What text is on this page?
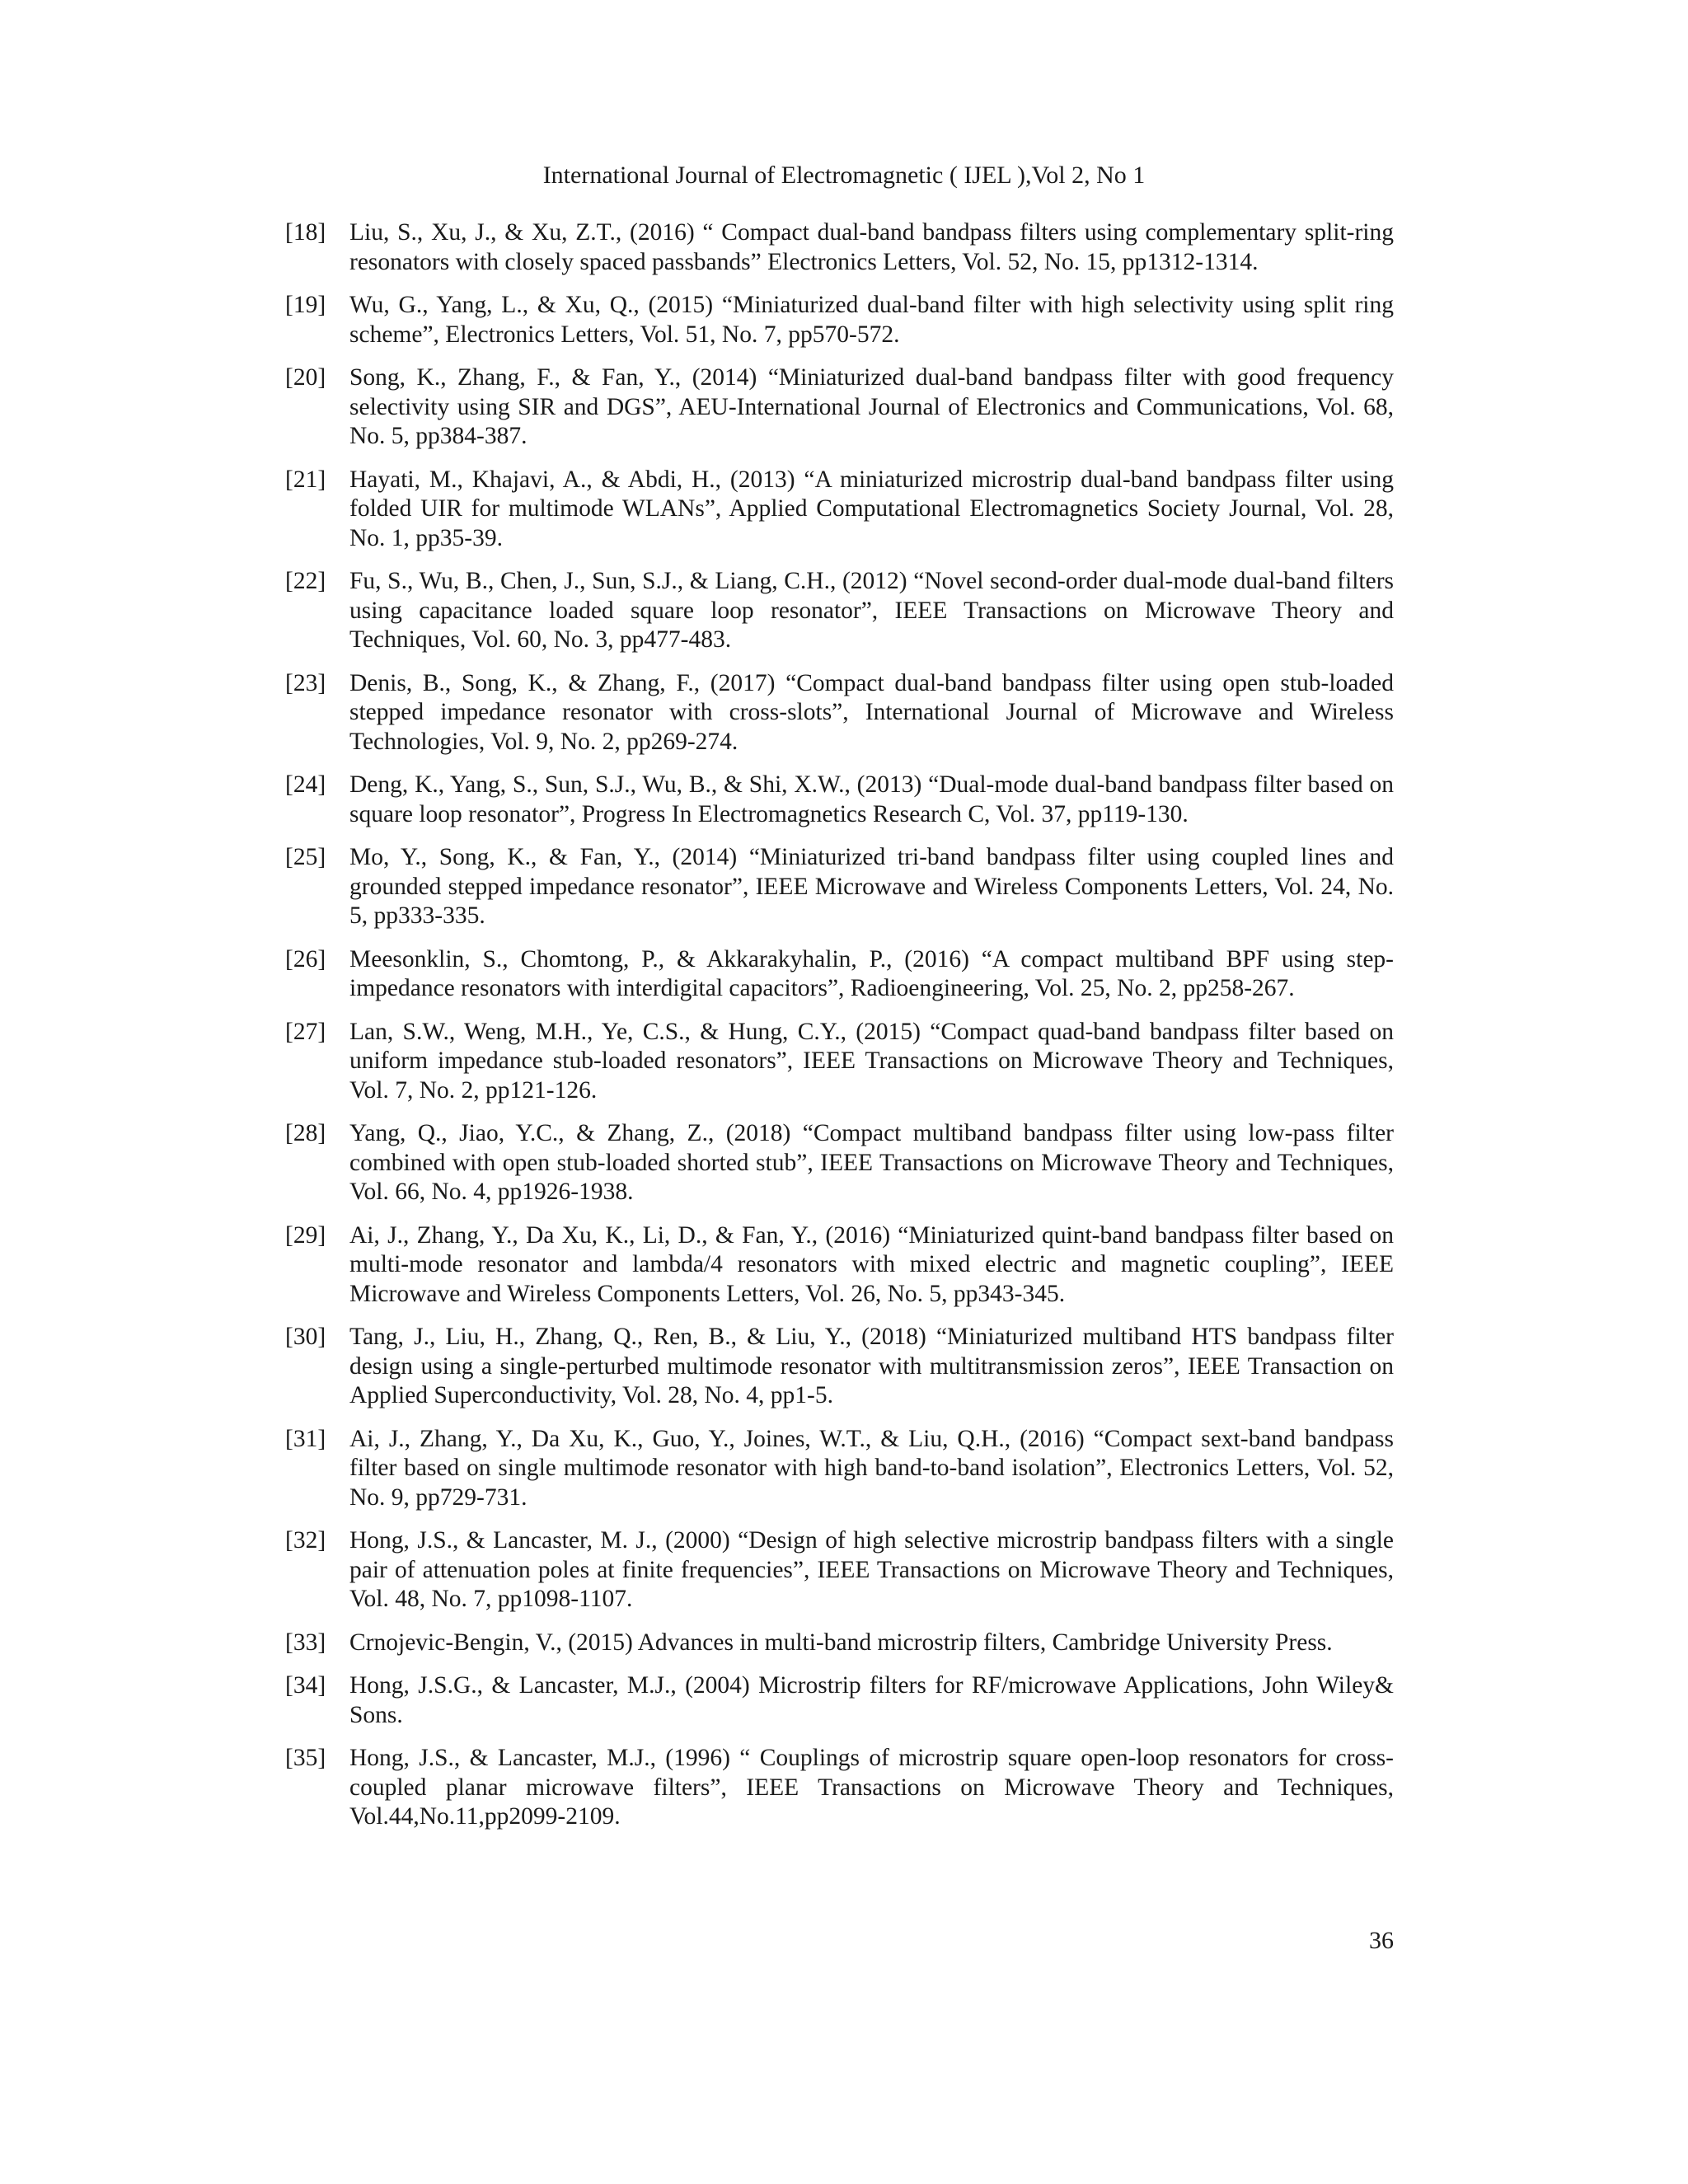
International Journal of Electromagnetic ( IJEL ),Vol 2, No 1
[18] Liu, S., Xu, J., & Xu, Z.T., (2016) “ Compact dual-band bandpass filters using complementary split-ring resonators with closely spaced passbands” Electronics Letters, Vol. 52, No. 15, pp1312-1314.
[19] Wu, G., Yang, L., & Xu, Q., (2015) “Miniaturized dual-band filter with high selectivity using split ring scheme”, Electronics Letters, Vol. 51, No. 7, pp570-572.
[20] Song, K., Zhang, F., & Fan, Y., (2014) “Miniaturized dual-band bandpass filter with good frequency selectivity using SIR and DGS”, AEU-International Journal of Electronics and Communications, Vol. 68, No. 5, pp384-387.
[21] Hayati, M., Khajavi, A., & Abdi, H., (2013) “A miniaturized microstrip dual-band bandpass filter using folded UIR for multimode WLANs”, Applied Computational Electromagnetics Society Journal, Vol. 28, No. 1, pp35-39.
[22] Fu, S., Wu, B., Chen, J., Sun, S.J., & Liang, C.H., (2012) “Novel second-order dual-mode dual-band filters using capacitance loaded square loop resonator”, IEEE Transactions on Microwave Theory and Techniques, Vol. 60, No. 3, pp477-483.
[23] Denis, B., Song, K., & Zhang, F., (2017) “Compact dual-band bandpass filter using open stub-loaded stepped impedance resonator with cross-slots”, International Journal of Microwave and Wireless Technologies, Vol. 9, No. 2, pp269-274.
[24] Deng, K., Yang, S., Sun, S.J., Wu, B., & Shi, X.W., (2013) “Dual-mode dual-band bandpass filter based on square loop resonator”, Progress In Electromagnetics Research C, Vol. 37, pp119-130.
[25] Mo, Y., Song, K., & Fan, Y., (2014) “Miniaturized tri-band bandpass filter using coupled lines and grounded stepped impedance resonator”, IEEE Microwave and Wireless Components Letters, Vol. 24, No. 5, pp333-335.
[26] Meesonklin, S., Chomtong, P., & Akkarakyhalin, P., (2016) “A compact multiband BPF using step-impedance resonators with interdigital capacitors”, Radioengineering, Vol. 25, No. 2, pp258-267.
[27] Lan, S.W., Weng, M.H., Ye, C.S., & Hung, C.Y., (2015) “Compact quad-band bandpass filter based on uniform impedance stub-loaded resonators”, IEEE Transactions on Microwave Theory and Techniques, Vol. 7, No. 2, pp121-126.
[28] Yang, Q., Jiao, Y.C., & Zhang, Z., (2018) “Compact multiband bandpass filter using low-pass filter combined with open stub-loaded shorted stub”, IEEE Transactions on Microwave Theory and Techniques, Vol. 66, No. 4, pp1926-1938.
[29] Ai, J., Zhang, Y., Da Xu, K., Li, D., & Fan, Y., (2016) “Miniaturized quint-band bandpass filter based on multi-mode resonator and lambda/4 resonators with mixed electric and magnetic coupling”, IEEE Microwave and Wireless Components Letters, Vol. 26, No. 5, pp343-345.
[30] Tang, J., Liu, H., Zhang, Q., Ren, B., & Liu, Y., (2018) “Miniaturized multiband HTS bandpass filter design using a single-perturbed multimode resonator with multitransmission zeros”, IEEE Transaction on Applied Superconductivity, Vol. 28, No. 4, pp1-5.
[31] Ai, J., Zhang, Y., Da Xu, K., Guo, Y., Joines, W.T., & Liu, Q.H., (2016) “Compact sext-band bandpass filter based on single multimode resonator with high band-to-band isolation”, Electronics Letters, Vol. 52, No. 9, pp729-731.
[32] Hong, J.S., & Lancaster, M. J., (2000) “Design of high selective microstrip bandpass filters with a single pair of attenuation poles at finite frequencies”, IEEE Transactions on Microwave Theory and Techniques, Vol. 48, No. 7, pp1098-1107.
[33] Crnojevic-Bengin, V., (2015) Advances in multi-band microstrip filters, Cambridge University Press.
[34] Hong, J.S.G., & Lancaster, M.J., (2004) Microstrip filters for RF/microwave Applications, John Wiley& Sons.
[35] Hong, J.S., & Lancaster, M.J., (1996) “ Couplings of microstrip square open-loop resonators for cross-coupled planar microwave filters”, IEEE Transactions on Microwave Theory and Techniques, Vol.44,No.11,pp2099-2109.
36
